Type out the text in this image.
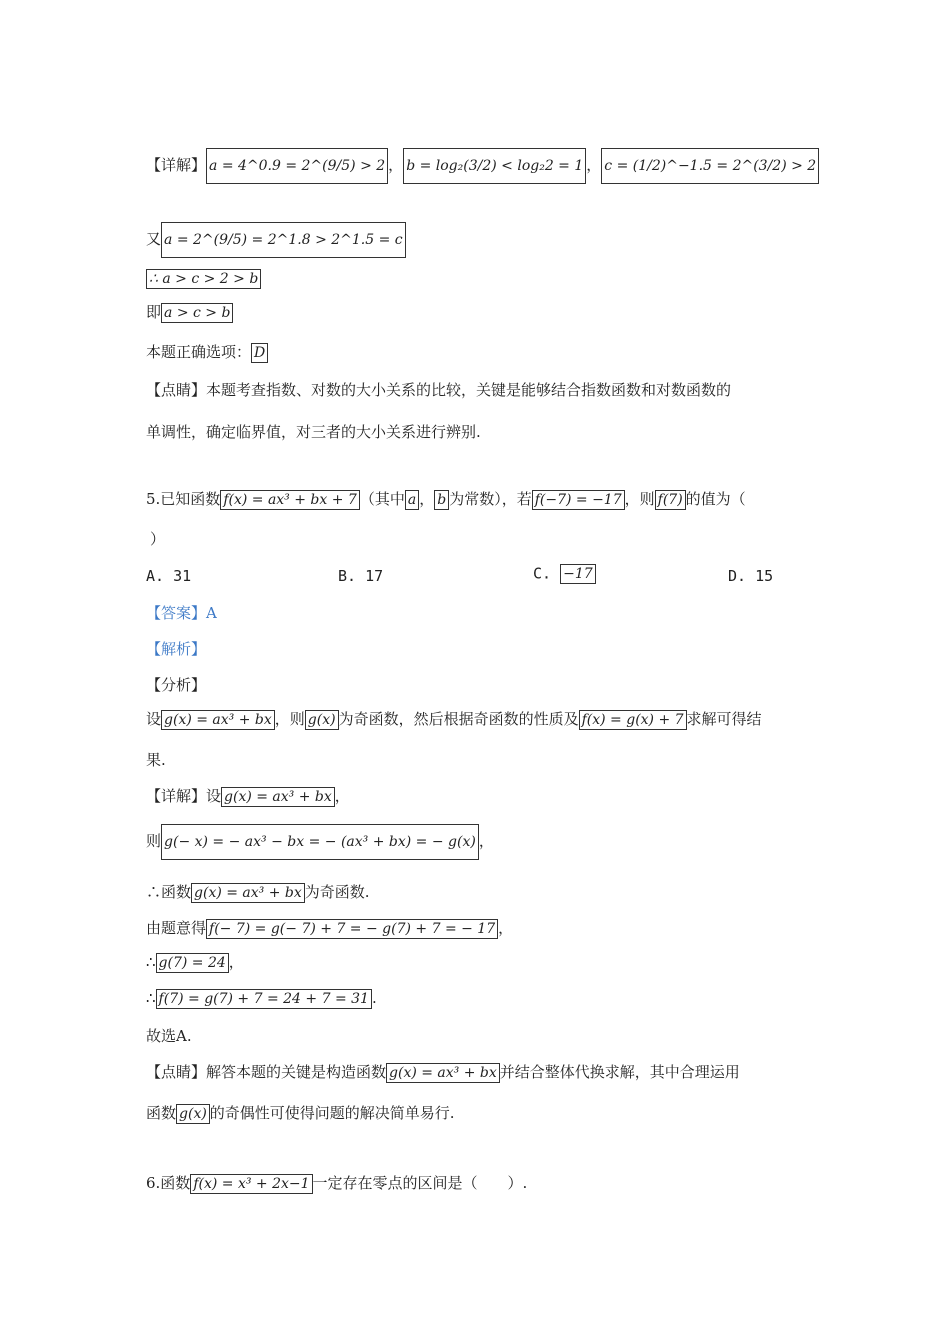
【详解】 a = 4^0.9 = 2^(9/5) > 2 ， b = log₂(3/2) < log₂2 = 1 ， c = (1/2)^−1.5 = 2^(3/2) > 2
又 a = 2^(9/5) = 2^1.8 > 2^1.5 = c
∴ a > c > 2 > b
即 a > c > b
本题正确选项： D
【点睛】本题考查指数、对数的大小关系的比较，关键是能够结合指数函数和对数函数的
单调性，确定临界值，对三者的大小关系进行辨别.
5.已知函数 f(x) = ax³ + bx + 7 （其中 a ， b 为常数），若 f(−7) = −17 ，则 f(7) 的值为（
）
A. 31	B. 17	C. −17	D. 15
【答案】A
【解析】
【分析】
设 g(x) = ax³ + bx ，则 g(x) 为奇函数，然后根据奇函数的性质及 f(x) = g(x) + 7 求解可得结
果.
【详解】设 g(x) = ax³ + bx ，
则 g(− x) = − ax³ − bx = − (ax³ + bx) = − g(x) ，
∴函数 g(x) = ax³ + bx 为奇函数.
由题意得 f(− 7) = g(− 7) + 7 = − g(7) + 7 = − 17 ，
∴ g(7) = 24 ，
∴ f(7) = g(7) + 7 = 24 + 7 = 31 .
故选A.
【点睛】解答本题的关键是构造函数 g(x) = ax³ + bx 并结合整体代换求解，其中合理运用
函数 g(x) 的奇偶性可使得问题的解决简单易行.
6.函数 f(x) = x³ + 2x−1 一定存在零点的区间是（　　）.
